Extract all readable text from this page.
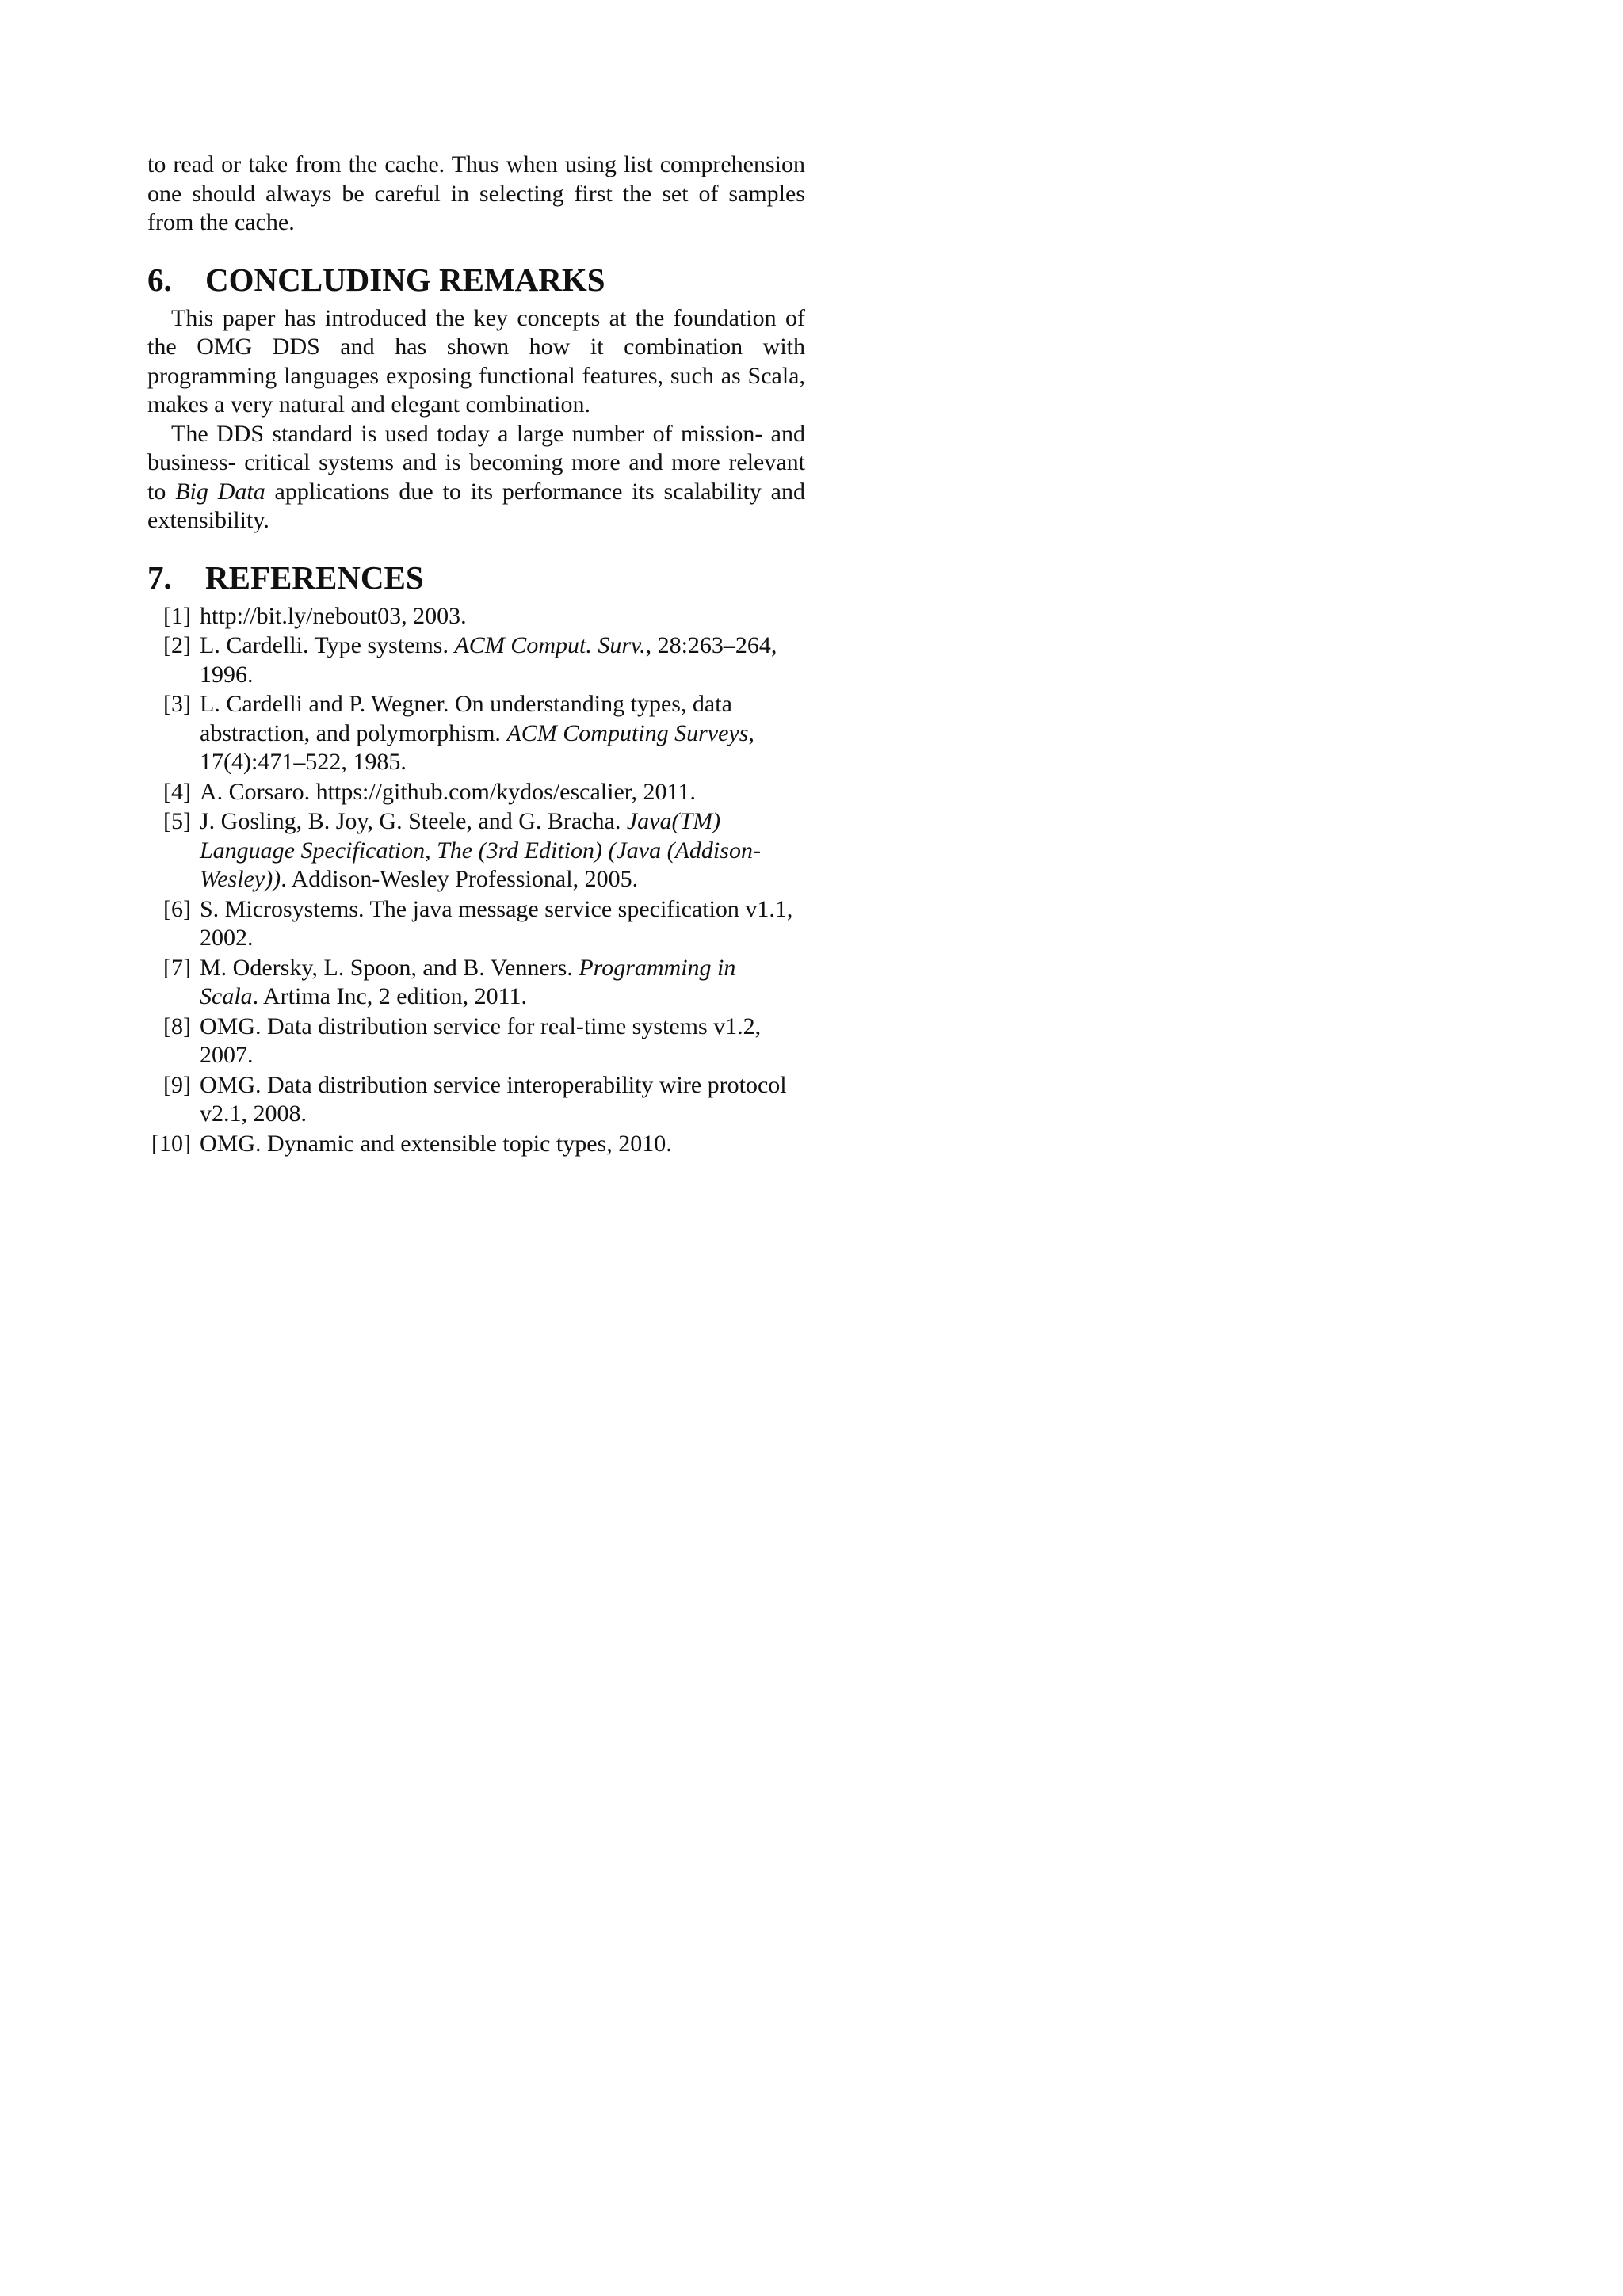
to read or take from the cache. Thus when using list comprehension one should always be careful in selecting first the set of samples from the cache.

6. CONCLUDING REMARKS

This paper has introduced the key concepts at the foundation of the OMG DDS and has shown how it combination with programming languages exposing functional features, such as Scala, makes a very natural and elegant combination.

The DDS standard is used today a large number of mission- and business- critical systems and is becoming more and more relevant to Big Data applications due to its performance its scalability and extensibility.

7. REFERENCES
[1] http://bit.ly/nebout03, 2003.
[2] L. Cardelli. Type systems. ACM Comput. Surv., 28:263–264, 1996.
[3] L. Cardelli and P. Wegner. On understanding types, data abstraction, and polymorphism. ACM Computing Surveys, 17(4):471–522, 1985.
[4] A. Corsaro. https://github.com/kydos/escalier, 2011.
[5] J. Gosling, B. Joy, G. Steele, and G. Bracha. Java(TM) Language Specification, The (3rd Edition) (Java (Addison-Wesley)). Addison-Wesley Professional, 2005.
[6] S. Microsystems. The java message service specification v1.1, 2002.
[7] M. Odersky, L. Spoon, and B. Venners. Programming in Scala. Artima Inc, 2 edition, 2011.
[8] OMG. Data distribution service for real-time systems v1.2, 2007.
[9] OMG. Data distribution service interoperability wire protocol v2.1, 2008.
[10] OMG. Dynamic and extensible topic types, 2010.
